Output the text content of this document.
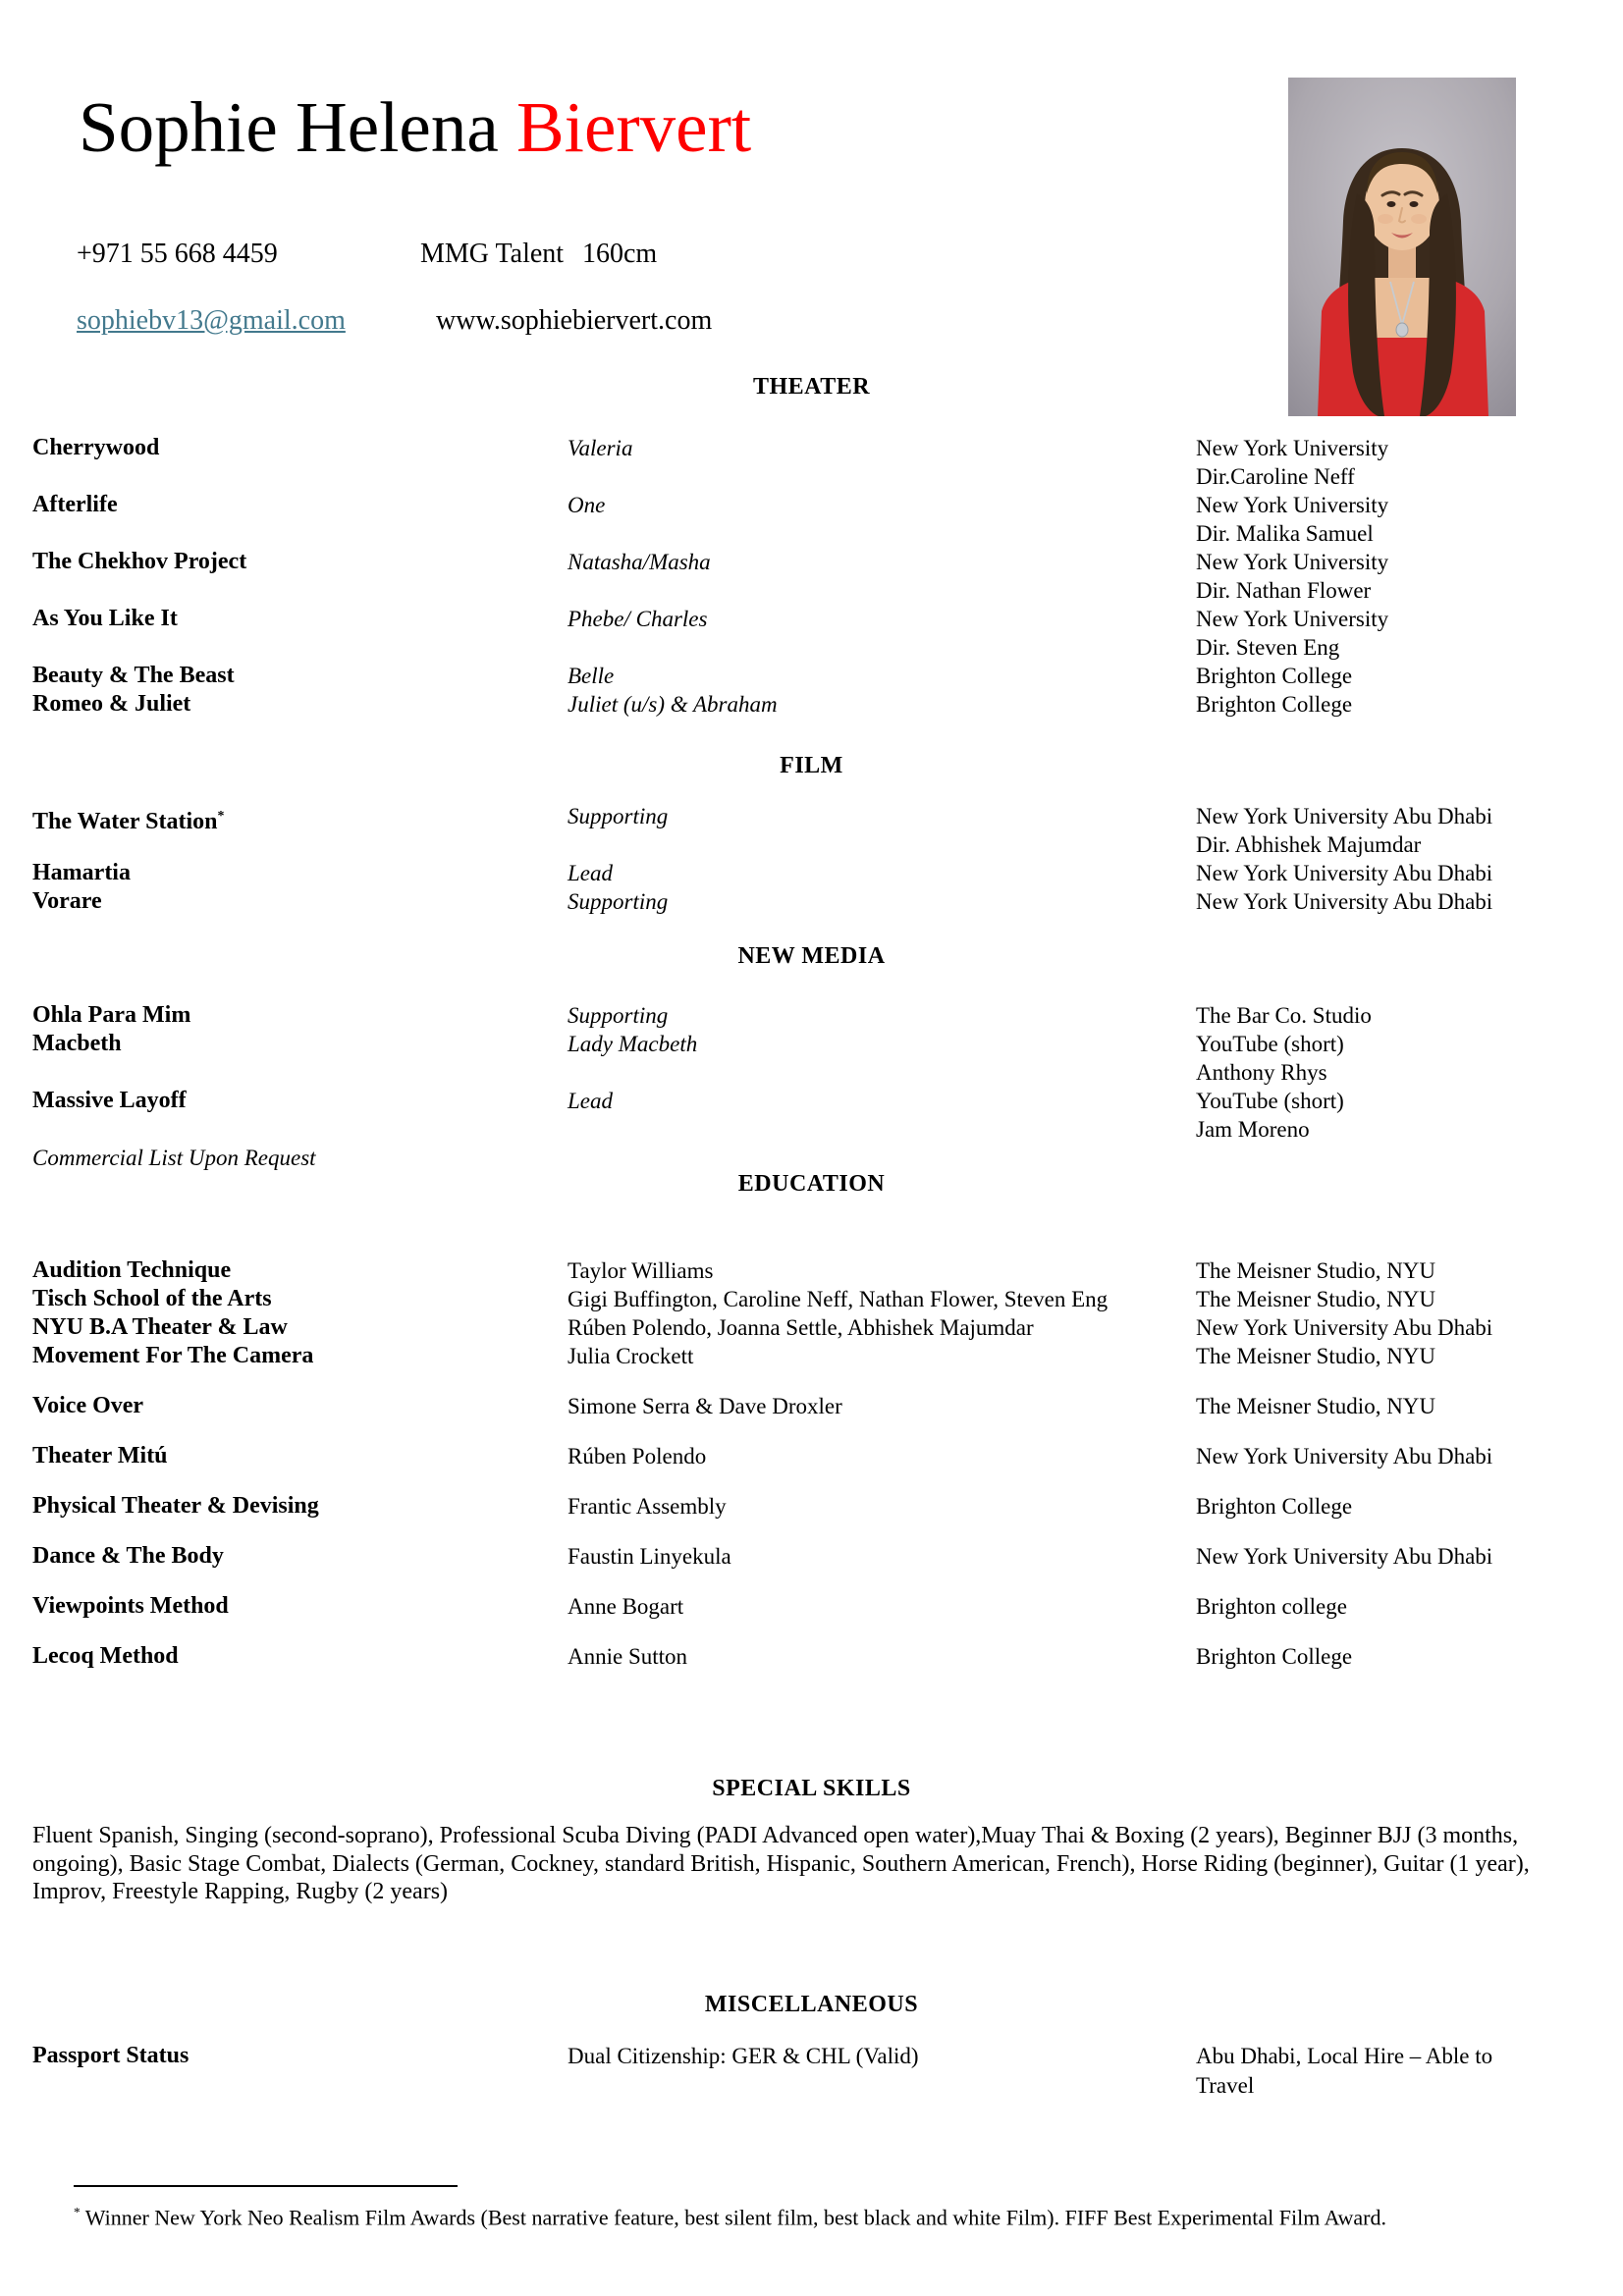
Sophie Helena Biervert
+971 55 668 4459	MMG Talent 160cm
sophiebv13@gmail.com	www.sophiebiervert.com
THEATER
Cherrywood	Valeria	New York University
Dir.Caroline Neff
Afterlife	One	New York University
Dir. Malika Samuel
The Chekhov Project	Natasha/Masha	New York University
Dir. Nathan Flower
As You Like It	Phebe/ Charles	New York University
Dir. Steven Eng
Beauty & The Beast	Belle	Brighton College
Romeo & Juliet	Juliet (u/s) & Abraham	Brighton College
FILM
The Water Station*	Supporting	New York University Abu Dhabi
Dir. Abhishek Majumdar
Hamartia	Lead	New York University Abu Dhabi
Vorare	Supporting	New York University Abu Dhabi
NEW MEDIA
Ohla Para Mim	Supporting	The Bar Co. Studio
Macbeth	Lady Macbeth	YouTube (short)
Anthony Rhys
Massive Layoff	Lead	YouTube (short)
Jam Moreno
Commercial List Upon Request
EDUCATION
Audition Technique	Taylor Williams	The Meisner Studio, NYU
Tisch School of the Arts	Gigi Buffington, Caroline Neff, Nathan Flower, Steven Eng	The Meisner Studio, NYU
NYU B.A Theater & Law	Rúben Polendo, Joanna Settle, Abhishek Majumdar	New York University Abu Dhabi
Movement For The Camera	Julia Crockett	The Meisner Studio, NYU
Voice Over	Simone Serra & Dave Droxler	The Meisner Studio, NYU
Theater Mitú	Rúben Polendo	New York University Abu Dhabi
Physical Theater & Devising	Frantic Assembly	Brighton College
Dance & The Body	Faustin Linyekula	New York University Abu Dhabi
Viewpoints Method	Anne Bogart	Brighton college
Lecoq Method	Annie Sutton	Brighton College
SPECIAL SKILLS
Fluent Spanish, Singing (second-soprano), Professional Scuba Diving (PADI Advanced open water),Muay Thai & Boxing (2 years), Beginner BJJ (3 months, ongoing), Basic Stage Combat, Dialects (German, Cockney, standard British, Hispanic, Southern American, French), Horse Riding (beginner), Guitar (1 year), Improv, Freestyle Rapping, Rugby (2 years)
MISCELLANEOUS
Passport Status	Dual Citizenship: GER & CHL (Valid)	Abu Dhabi, Local Hire – Able to Travel
* Winner New York Neo Realism Film Awards (Best narrative feature, best silent film, best black and white Film). FIFF Best Experimental Film Award.
